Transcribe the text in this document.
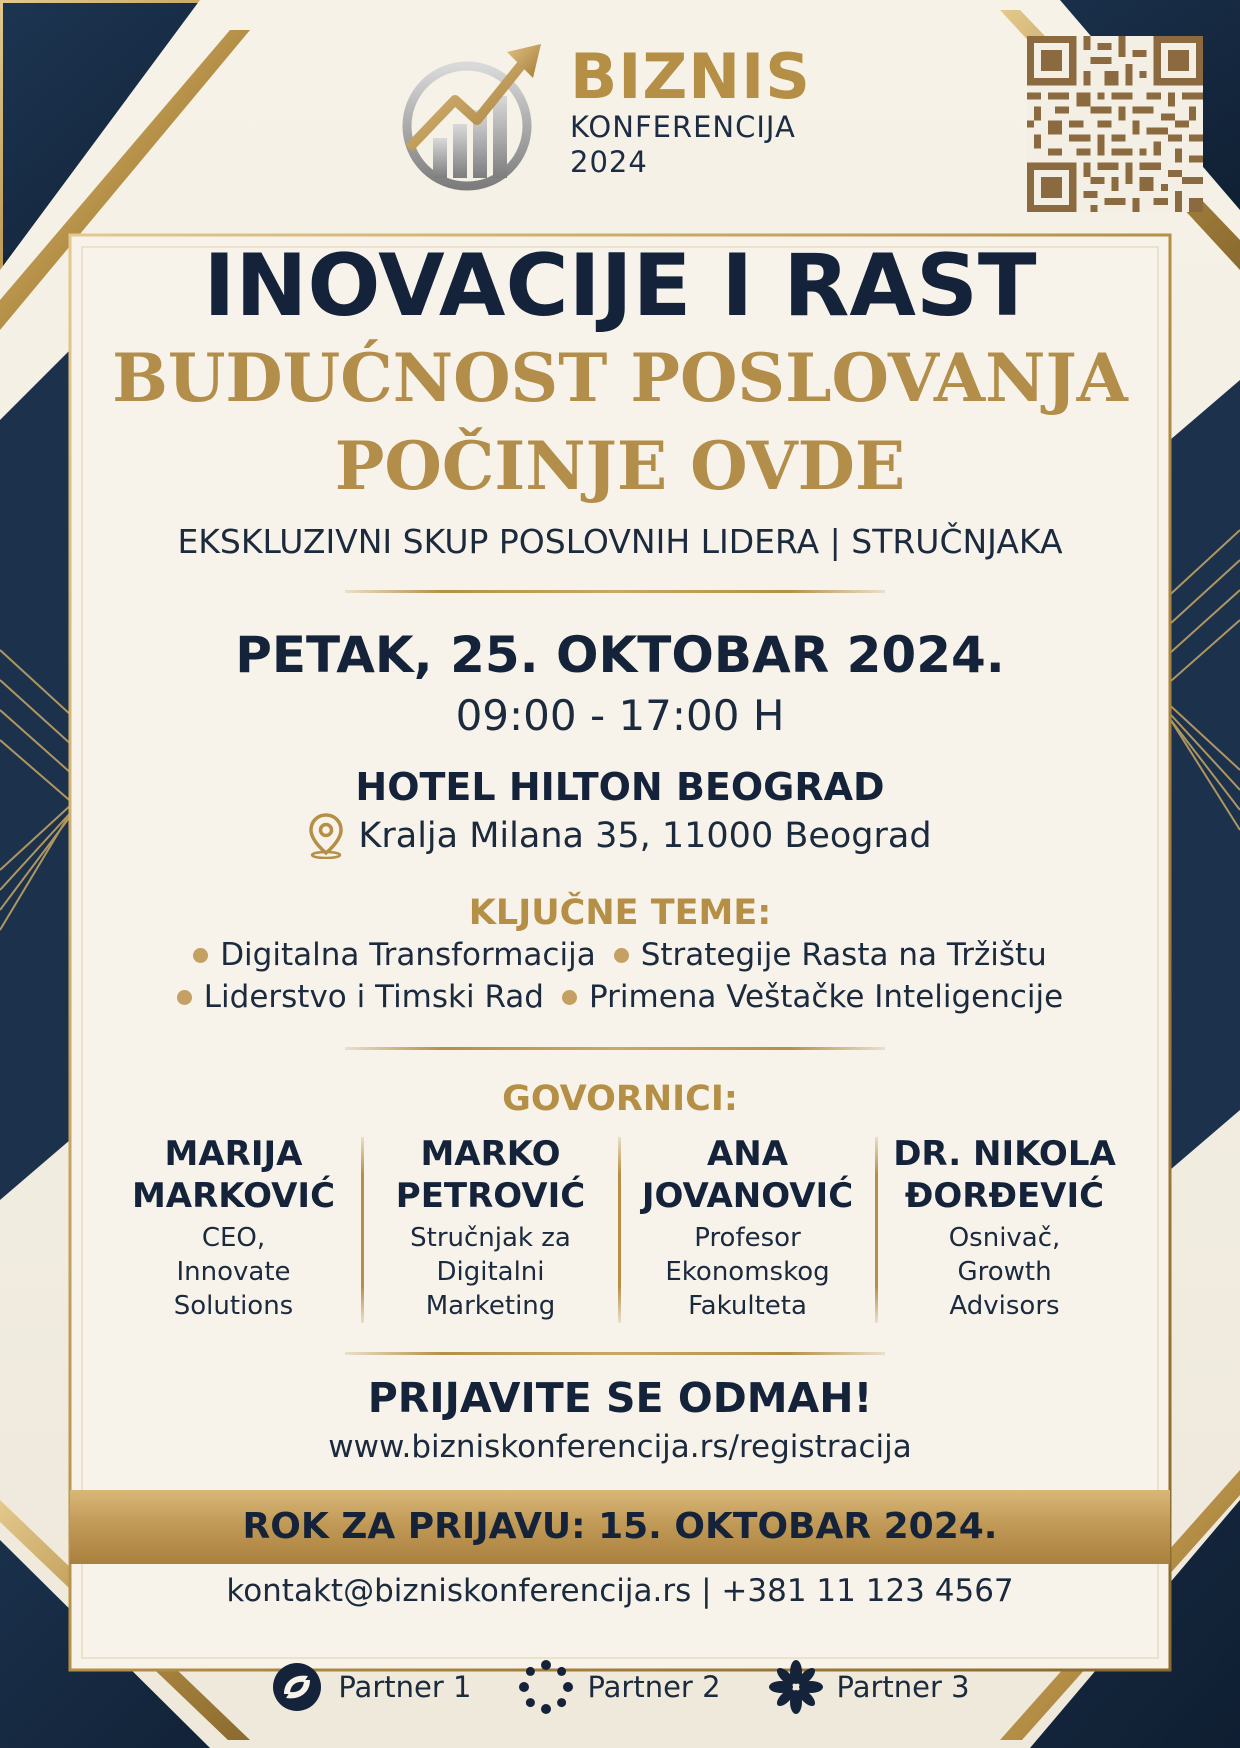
BIZNIS
KONFERENCIJA
2024
INOVACIJE I RAST
BUDUĆNOST POSLOVANJA
POČINJE OVDE
EKSKLUZIVNI SKUP POSLOVNIH LIDERA | STRUČNJAKA
PETAK, 25. OKTOBAR 2024.
09:00 - 17:00 H
HOTEL HILTON BEOGRAD
Kralja Milana 35, 11000 Beograd
KLJUČNE TEME:
Digitalna Transformacija Strategije Rasta na Tržištu
Liderstvo i Timski Rad Primena Veštačke Inteligencije
GOVORNICI:
MARIJA
MARKOVIĆ
CEO,
Innovate
Solutions
MARKO
PETROVIĆ
Stručnjak za
Digitalni
Marketing
ANA
JOVANOVIĆ
Profesor
Ekonomskog
Fakulteta
DR. NIKOLA
ĐORĐEVIĆ
Osnivač,
Growth
Advisors
PRIJAVITE SE ODMAH!
www.bizniskonferencija.rs/registracija
ROK ZA PRIJAVU: 15. OKTOBAR 2024.
kontakt@bizniskonferencija.rs | +381 11 123 4567
Partner 1	Partner 2	Partner 3
